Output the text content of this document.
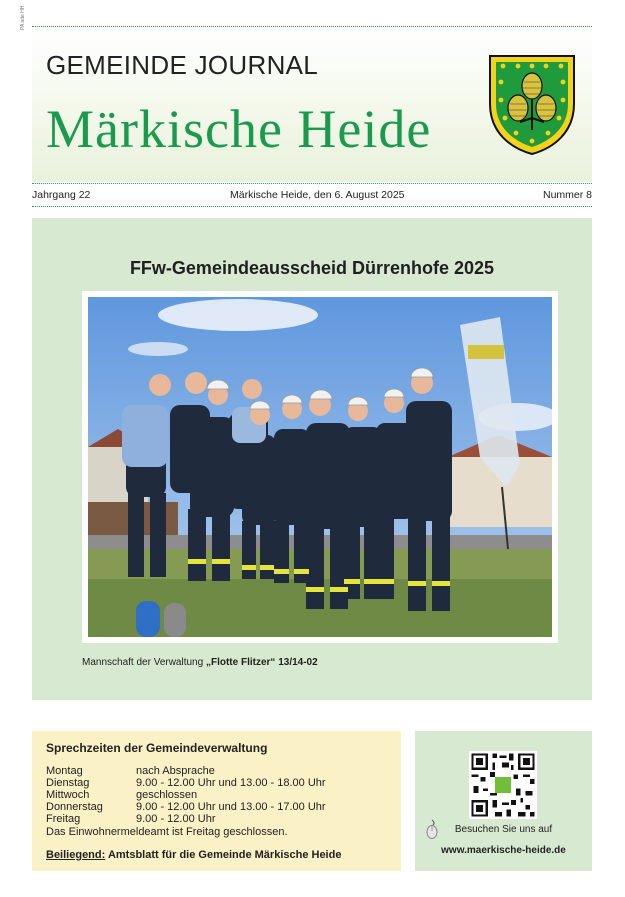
PA ade HH
GEMEINDE JOURNAL
Märkische Heide
Jahrgang 22	Märkische Heide, den 6. August 2025	Nummer 8
FFw-Gemeindeausscheid Dürrenhofe 2025
Mannschaft der Verwaltung „Flotte Flitzer“ 13/14-02
Sprechzeiten der Gemeindeverwaltung
Montag	nach Absprache
Dienstag	9.00 - 12.00 Uhr und 13.00 - 18.00 Uhr
Mittwoch	geschlossen
Donnerstag	9.00 - 12.00 Uhr und 13.00 - 17.00 Uhr
Freitag	9.00 - 12.00 Uhr
Das Einwohnermeldeamt ist Freitag geschlossen.
Beiliegend: Amtsblatt für die Gemeinde Märkische Heide
Besuchen Sie uns auf
www.maerkische-heide.de
